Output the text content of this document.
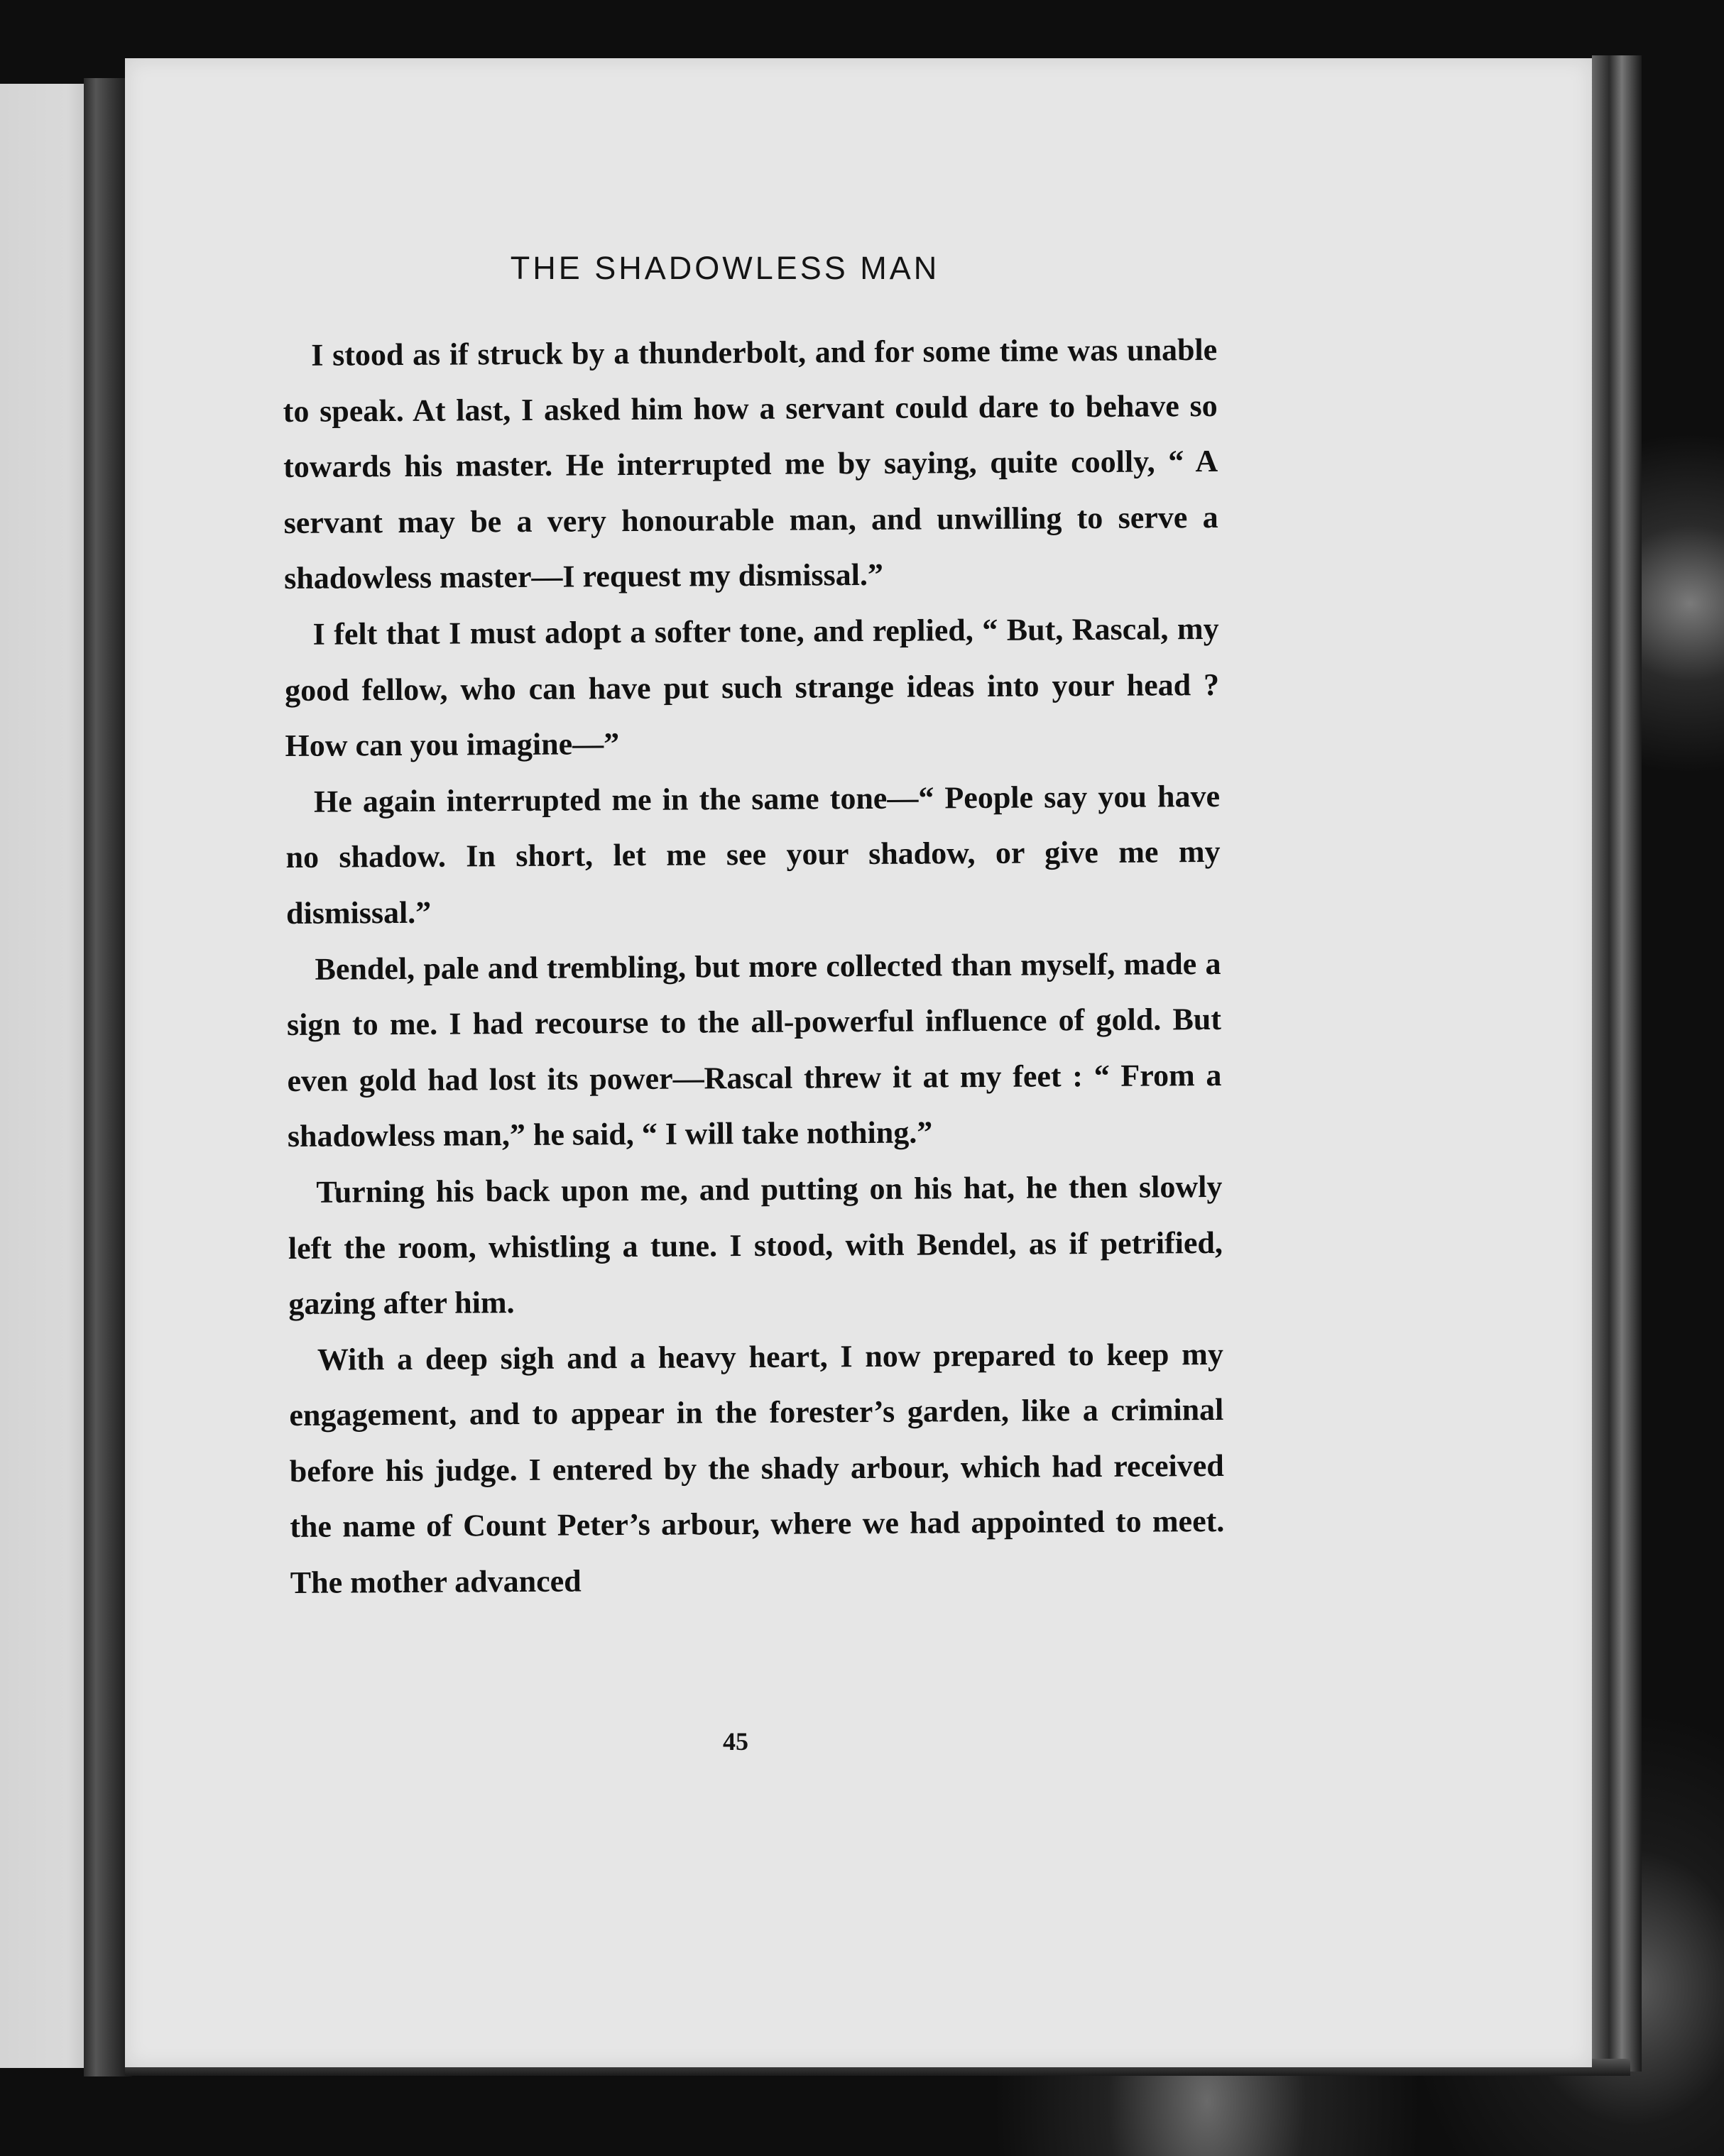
THE SHADOWLESS MAN

I stood as if struck by a thunderbolt, and for some time was unable to speak. At last, I asked him how a servant could dare to behave so towards his master. He interrupted me by saying, quite coolly, “ A servant may be a very honourable man, and unwilling to serve a shadowless master—I request my dismissal.”

I felt that I must adopt a softer tone, and replied, “ But, Rascal, my good fellow, who can have put such strange ideas into your head ? How can you imagine—”

He again interrupted me in the same tone—“ People say you have no shadow. In short, let me see your shadow, or give me my dismissal.”

Bendel, pale and trembling, but more collected than myself, made a sign to me. I had recourse to the all-powerful influence of gold. But even gold had lost its power—Rascal threw it at my feet : “ From a shadowless man,” he said, “ I will take nothing.”

Turning his back upon me, and putting on his hat, he then slowly left the room, whistling a tune. I stood, with Bendel, as if petrified, gazing after him.

With a deep sigh and a heavy heart, I now prepared to keep my engagement, and to appear in the forester’s garden, like a criminal before his judge. I entered by the shady arbour, which had received the name of Count Peter’s arbour, where we had appointed to meet. The mother advanced

45
